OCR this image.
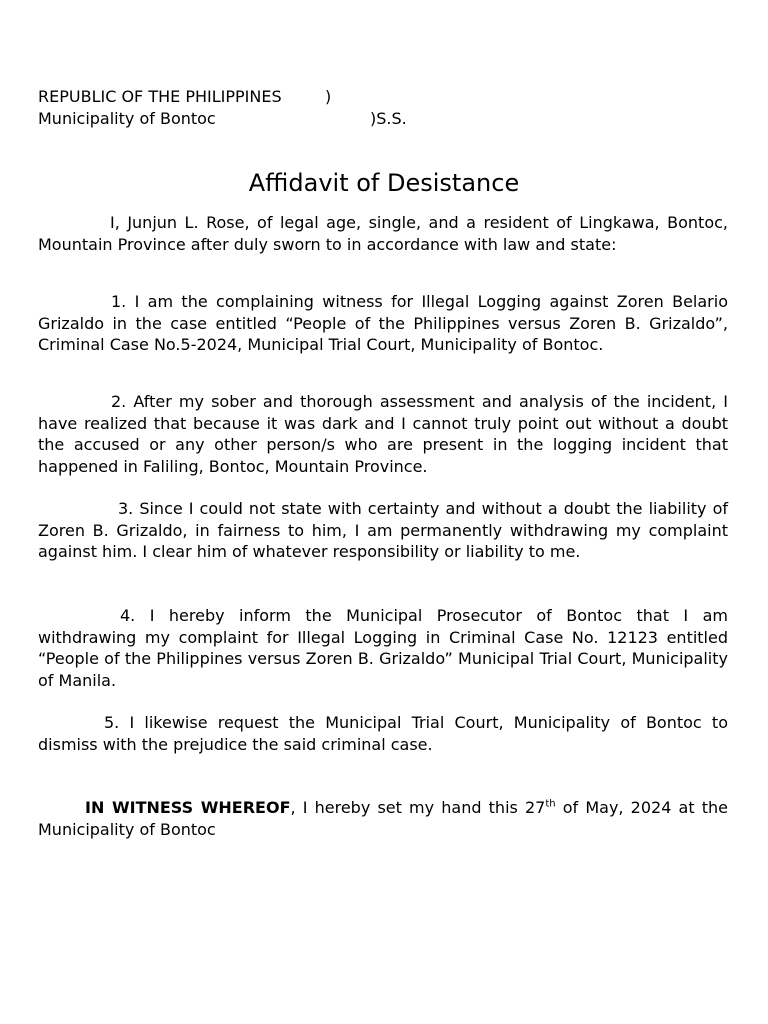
REPUBLIC OF THE PHILIPPINES	)
Municipality of Bontoc	)S.S.
Affidavit of Desistance

I, Junjun L. Rose, of legal age, single, and a resident of Lingkawa, Bontoc, Mountain Province after duly sworn to in accordance with law and state:

1. I am the complaining witness for Illegal Logging against Zoren Belario Grizaldo in the case entitled “People of the Philippines versus Zoren B. Grizaldo”, Criminal Case No.5-2024, Municipal Trial Court, Municipality of Bontoc.

2. After my sober and thorough assessment and analysis of the incident, I have realized that because it was dark and I cannot truly point out without a doubt the accused or any other person/s who are present in the logging incident that happened in Faliling, Bontoc, Mountain Province.

3. Since I could not state with certainty and without a doubt the liability of Zoren B. Grizaldo, in fairness to him, I am permanently withdrawing my complaint against him. I clear him of whatever responsibility or liability to me.

4. I hereby inform the Municipal Prosecutor of Bontoc that I am withdrawing my complaint for Illegal Logging in Criminal Case No. 12123 entitled “People of the Philippines versus Zoren B. Grizaldo” Municipal Trial Court, Municipality of Manila.

5. I likewise request the Municipal Trial Court, Municipality of Bontoc to dismiss with the prejudice the said criminal case.

IN WITNESS WHEREOF, I hereby set my hand this 27th of May, 2024 at the Municipality of Bontoc
